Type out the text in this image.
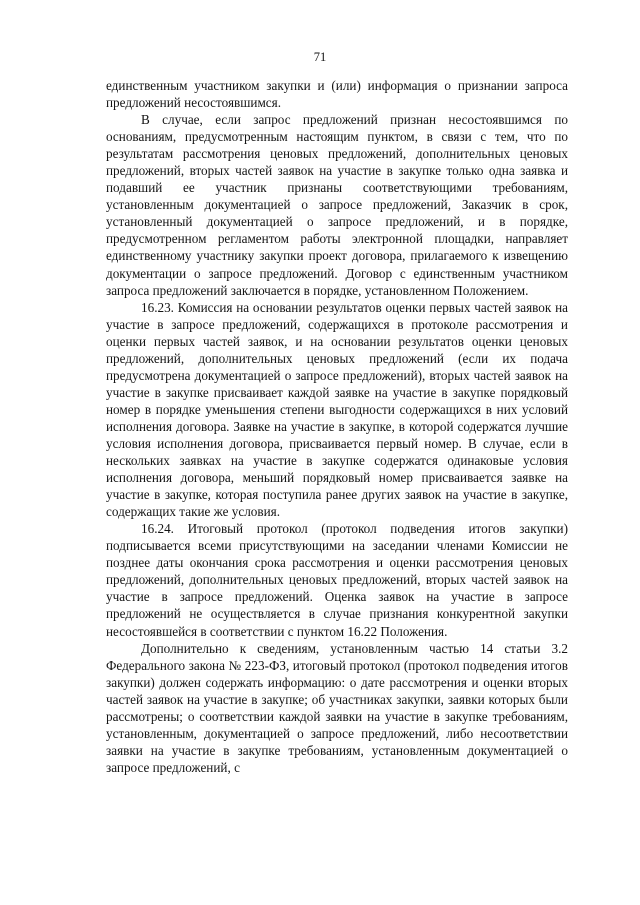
71

единственным участником закупки и (или) информация о признании запроса предложений несостоявшимся.

В случае, если запрос предложений признан несостоявшимся по основаниям, предусмотренным настоящим пунктом, в связи с тем, что по результатам рассмотрения ценовых предложений, дополнительных ценовых предложений, вторых частей заявок на участие в закупке только одна заявка и подавший ее участник признаны соответствующими требованиям, установленным документацией о запросе предложений, Заказчик в срок, установленный документацией о запросе предложений, и в порядке, предусмотренном регламентом работы электронной площадки, направляет единственному участнику закупки проект договора, прилагаемого к извещению документации о запросе предложений. Договор с единственным участником запроса предложений заключается в порядке, установленном Положением.

16.23. Комиссия на основании результатов оценки первых частей заявок на участие в запросе предложений, содержащихся в протоколе рассмотрения и оценки первых частей заявок, и на основании результатов оценки ценовых предложений, дополнительных ценовых предложений (если их подача предусмотрена документацией о запросе предложений), вторых частей заявок на участие в закупке присваивает каждой заявке на участие в закупке порядковый номер в порядке уменьшения степени выгодности содержащихся в них условий исполнения договора. Заявке на участие в закупке, в которой содержатся лучшие условия исполнения договора, присваивается первый номер. В случае, если в нескольких заявках на участие в закупке содержатся одинаковые условия исполнения договора, меньший порядковый номер присваивается заявке на участие в закупке, которая поступила ранее других заявок на участие в закупке, содержащих такие же условия.

16.24. Итоговый протокол (протокол подведения итогов закупки) подписывается всеми присутствующими на заседании членами Комиссии не позднее даты окончания срока рассмотрения и оценки рассмотрения ценовых предложений, дополнительных ценовых предложений, вторых частей заявок на участие в запросе предложений. Оценка заявок на участие в запросе предложений не осуществляется в случае признания конкурентной закупки несостоявшейся в соответствии с пунктом 16.22 Положения.

Дополнительно к сведениям, установленным частью 14 статьи 3.2 Федерального закона № 223-ФЗ, итоговый протокол (протокол подведения итогов закупки) должен содержать информацию: о дате рассмотрения и оценки вторых частей заявок на участие в закупке; об участниках закупки, заявки которых были рассмотрены; о соответствии каждой заявки на участие в закупке требованиям, установленным, документацией о запросе предложений, либо несоответствии заявки на участие в закупке требованиям, установленным документацией о запросе предложений, с
